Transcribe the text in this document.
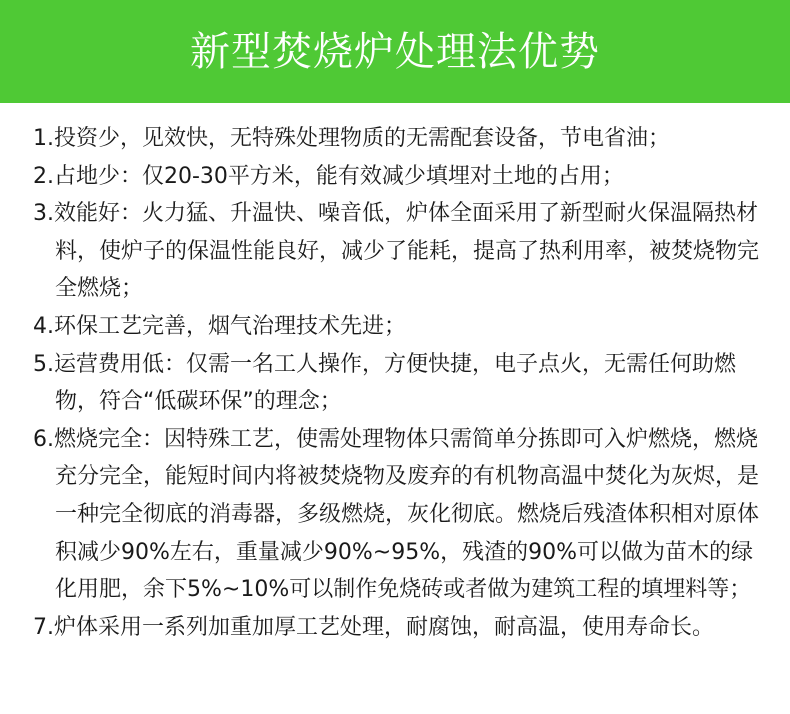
新型焚烧炉处理法优势
1.投资少，见效快，无特殊处理物质的无需配套设备，节电省油；
2.占地少：仅20-30平方米，能有效减少填埋对土地的占用；
3.效能好：火力猛、升温快、噪音低，炉体全面采用了新型耐火保温隔热材料，使炉子的保温性能良好，减少了能耗，提高了热利用率，被焚烧物完全燃烧；
4.环保工艺完善，烟气治理技术先进；
5.运营费用低：仅需一名工人操作，方便快捷，电子点火，无需任何助燃物，符合“低碳环保”的理念；
6.燃烧完全：因特殊工艺，使需处理物体只需简单分拣即可入炉燃烧，燃烧充分完全，能短时间内将被焚烧物及废弃的有机物高温中焚化为灰烬，是一种完全彻底的消毒器，多级燃烧，灰化彻底。燃烧后残渣体积相对原体积减少90%左右，重量减少90%~95%，残渣的90%可以做为苗木的绿化用肥，余下5%~10%可以制作免烧砖或者做为建筑工程的填埋料等；
7.炉体采用一系列加重加厚工艺处理，耐腐蚀，耐高温，使用寿命长。
